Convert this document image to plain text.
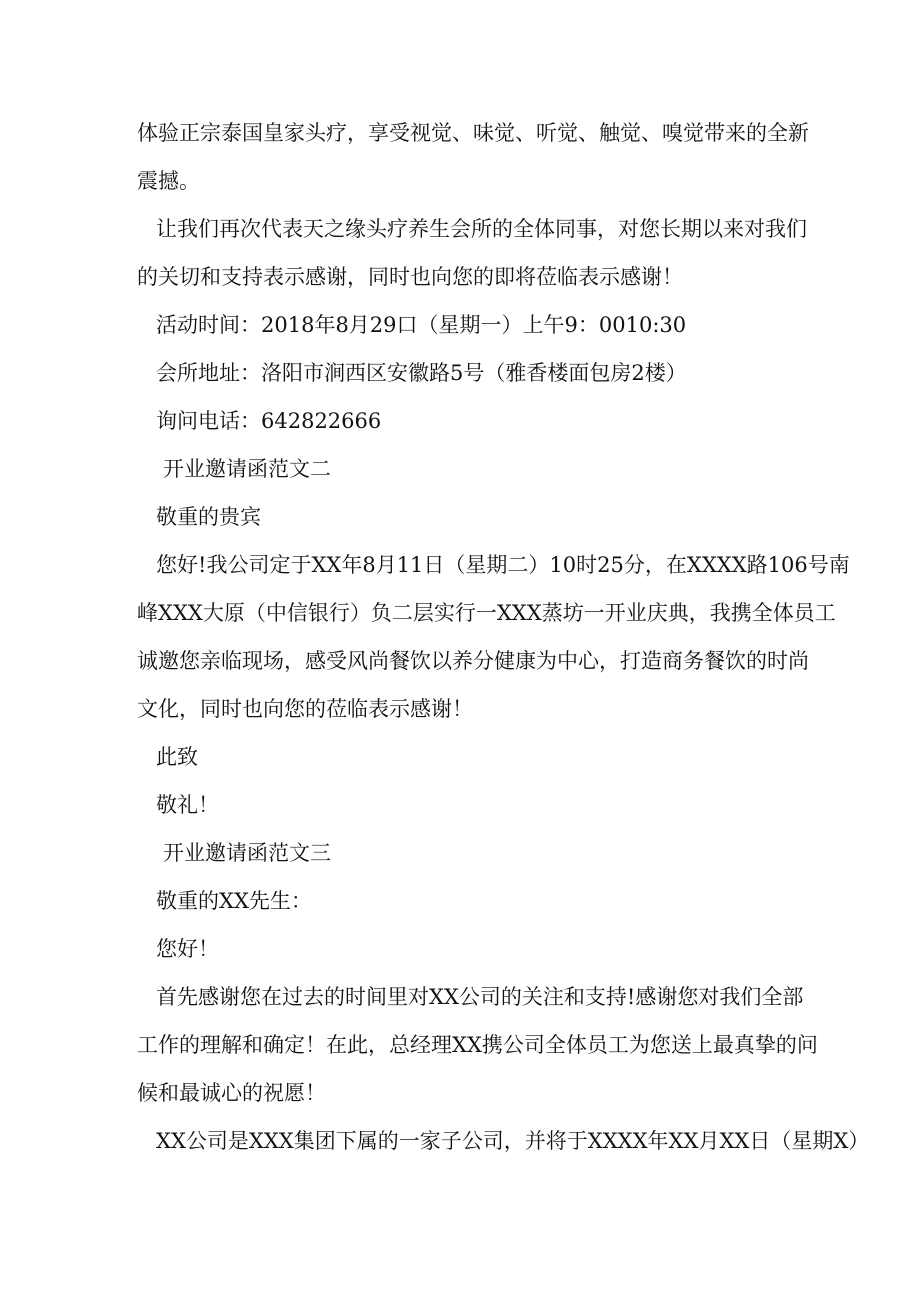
体验正宗泰国皇家头疗，享受视觉、味觉、听觉、触觉、嗅觉带来的全新
震撼。
让我们再次代表天之缘头疗养生会所的全体同事，对您长期以来对我们
的关切和支持表示感谢，同时也向您的即将莅临表示感谢！
活动时间：2018年8月29口（星期一）上午9：0010:30
会所地址：洛阳市涧西区安徽路5号（雅香楼面包房2楼）
询问电话：642822666
开业邀请函范文二
敬重的贵宾
您好!我公司定于XX年8月11日（星期二）10时25分，在XXXX路106号南
峰XXX大原（中信银行）负二层实行一XXX蒸坊一开业庆典，我携全体员工
诚邀您亲临现场，感受风尚餐饮以养分健康为中心，打造商务餐饮的时尚
文化，同时也向您的莅临表示感谢！
此致
敬礼！
开业邀请函范文三
敬重的XX先生：
您好！
首先感谢您在过去的时间里对XX公司的关注和支持!感谢您对我们全部
工作的理解和确定！在此，总经理XX携公司全体员工为您送上最真挚的问
候和最诚心的祝愿！
XX公司是XXX集团下属的一家子公司，并将于XXXX年XX月XX日（星期X）
